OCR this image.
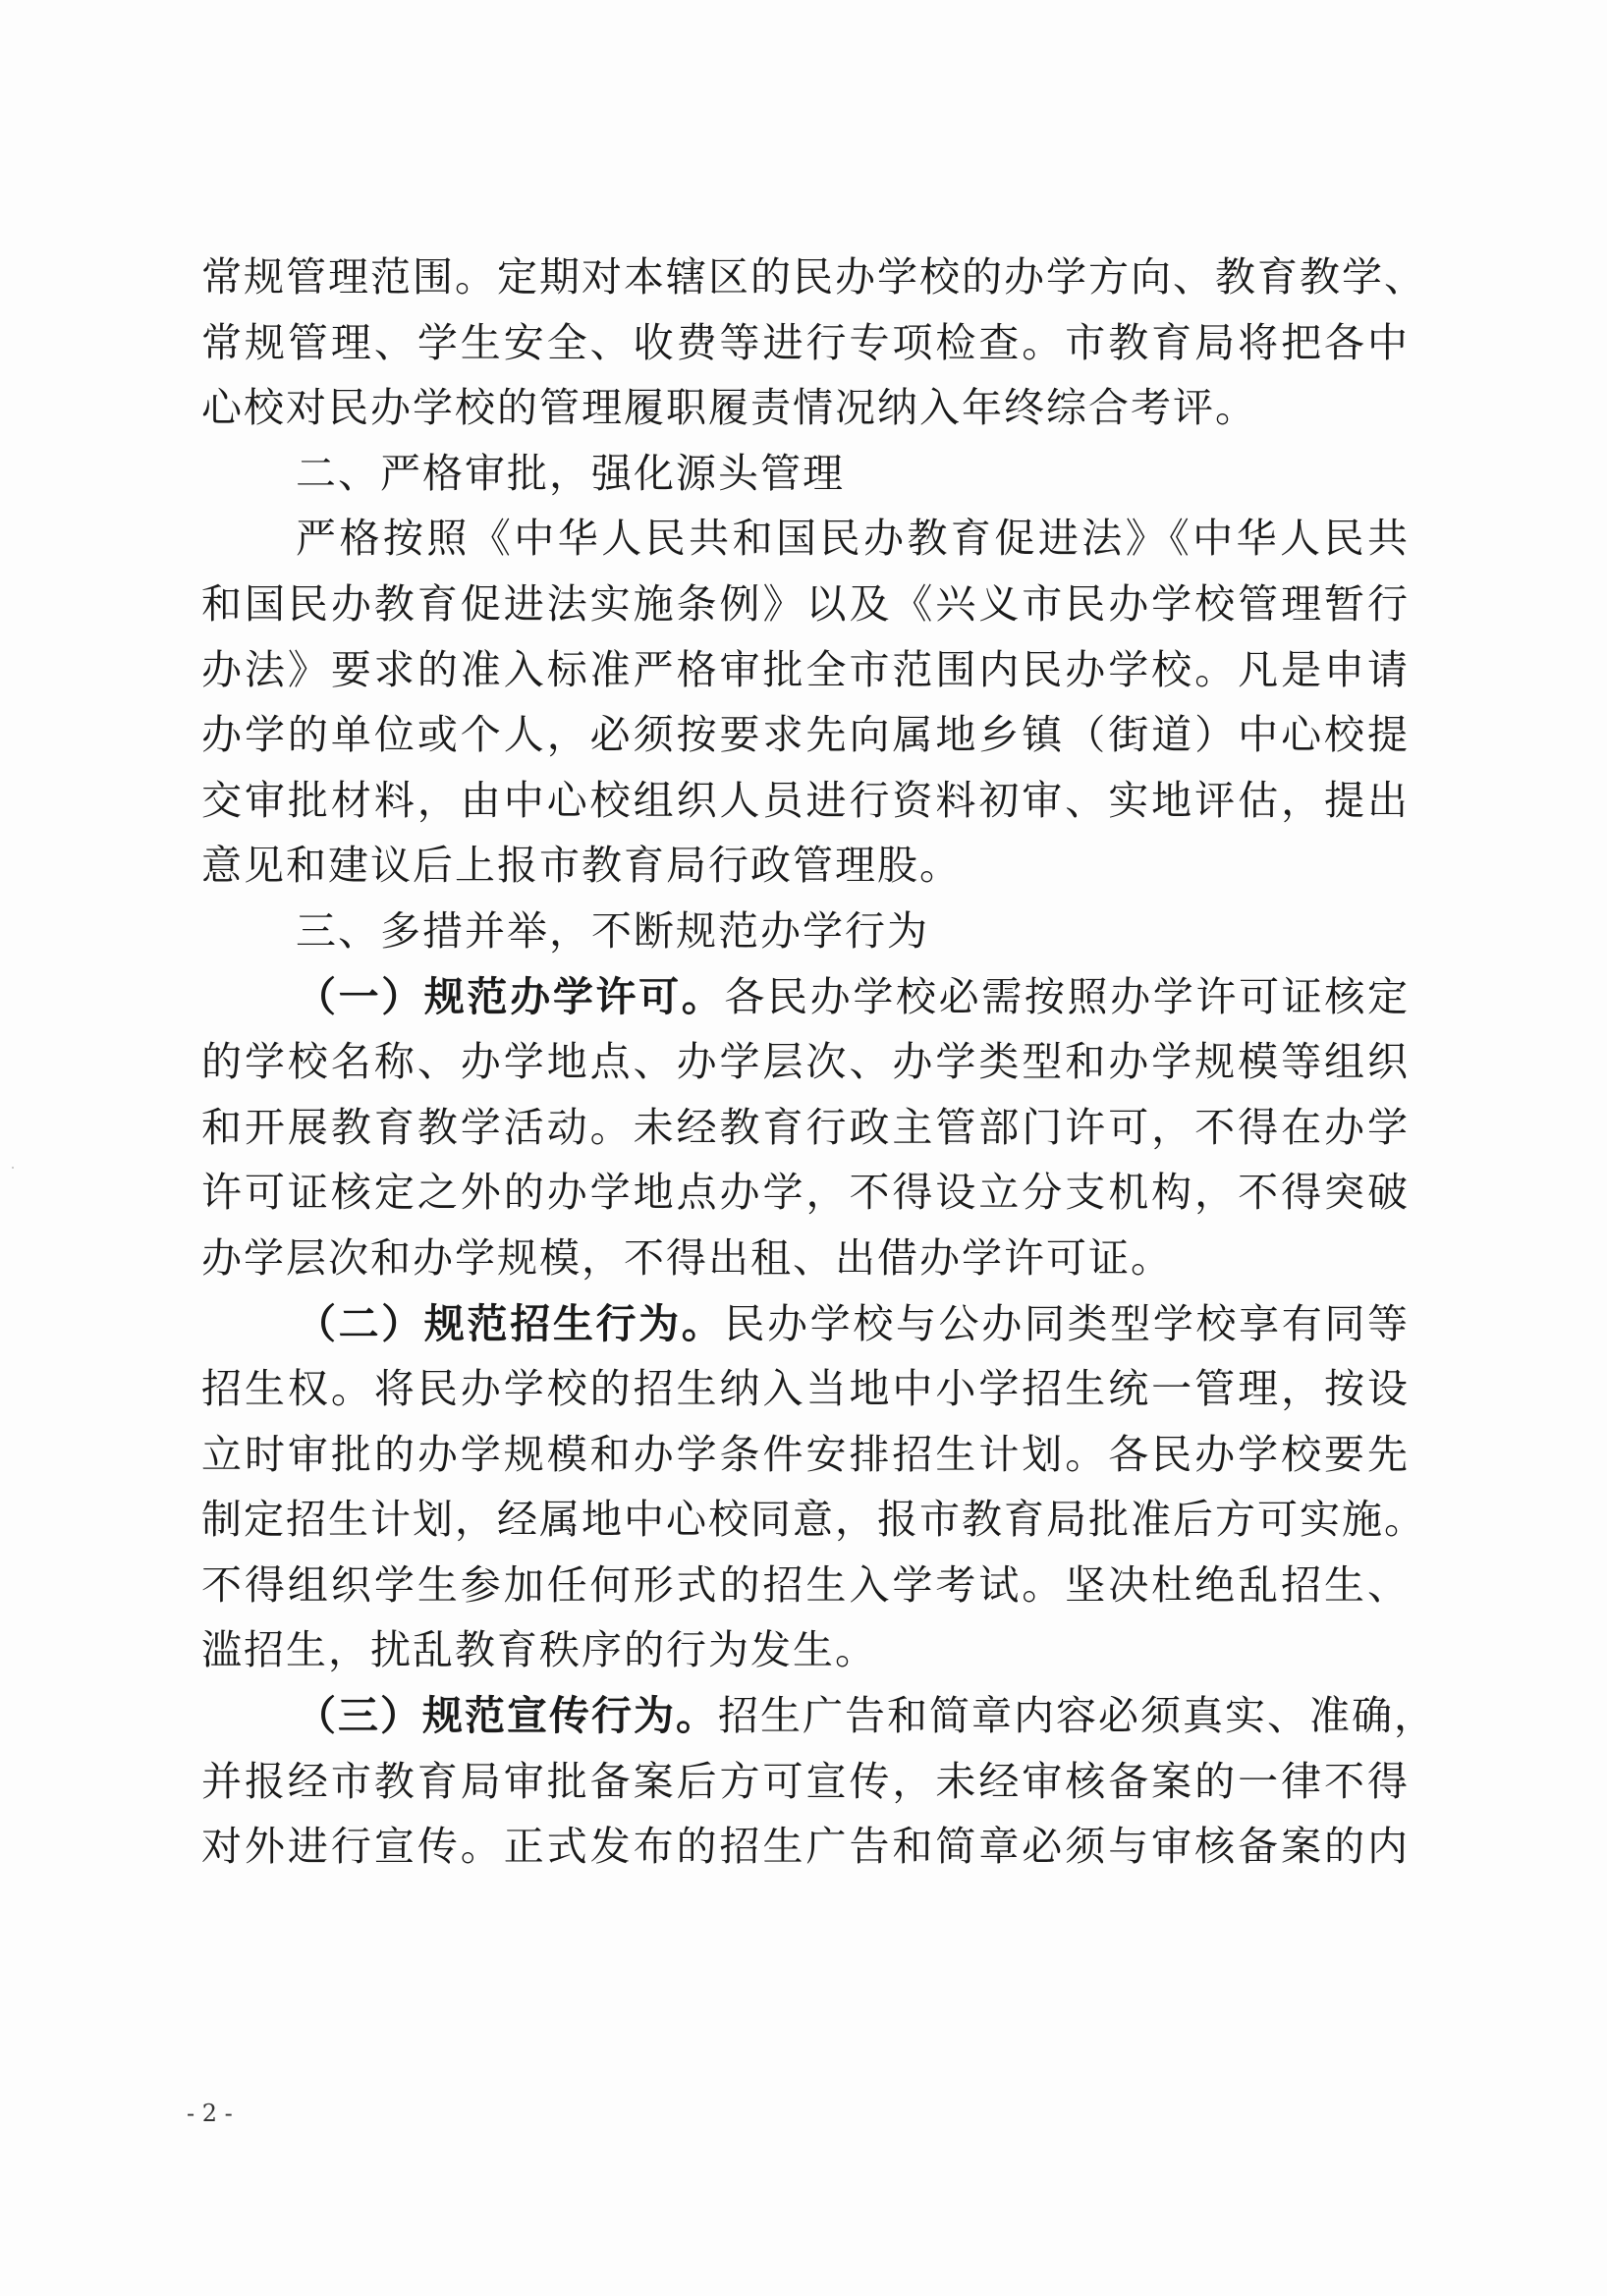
常规管理范围。定期对本辖区的民办学校的办学方向、教育教学、
常规管理、学生安全、收费等进行专项检查。市教育局将把各中
心校对民办学校的管理履职履责情况纳入年终综合考评。
二、严格审批，强化源头管理
严格按照《中华人民共和国民办教育促进法》《中华人民共
和国民办教育促进法实施条例》以及《兴义市民办学校管理暂行
办法》要求的准入标准严格审批全市范围内民办学校。凡是申请
办学的单位或个人，必须按要求先向属地乡镇（街道）中心校提
交审批材料，由中心校组织人员进行资料初审、实地评估，提出
意见和建议后上报市教育局行政管理股。
三、多措并举，不断规范办学行为
（一）规范办学许可。各民办学校必需按照办学许可证核定
的学校名称、办学地点、办学层次、办学类型和办学规模等组织
和开展教育教学活动。未经教育行政主管部门许可，不得在办学
许可证核定之外的办学地点办学，不得设立分支机构，不得突破
办学层次和办学规模，不得出租、出借办学许可证。
（二）规范招生行为。民办学校与公办同类型学校享有同等
招生权。将民办学校的招生纳入当地中小学招生统一管理，按设
立时审批的办学规模和办学条件安排招生计划。各民办学校要先
制定招生计划，经属地中心校同意，报市教育局批准后方可实施。
不得组织学生参加任何形式的招生入学考试。坚决杜绝乱招生、
滥招生，扰乱教育秩序的行为发生。
（三）规范宣传行为。招生广告和简章内容必须真实、准确，
并报经市教育局审批备案后方可宣传，未经审核备案的一律不得
对外进行宣传。正式发布的招生广告和简章必须与审核备案的内
- 2 -
